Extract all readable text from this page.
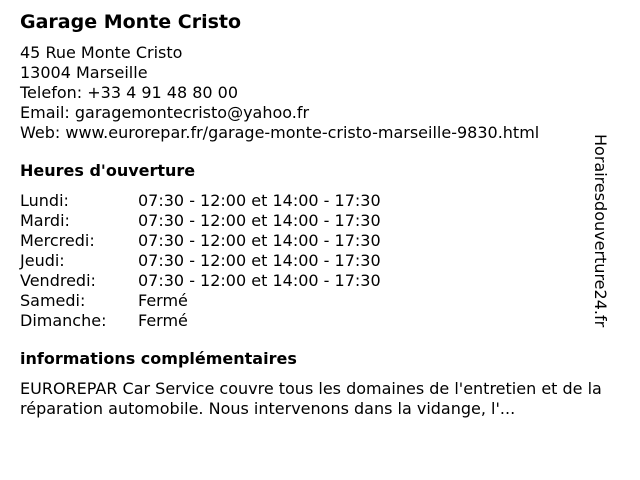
Garage Monte Cristo
45 Rue Monte Cristo
13004 Marseille
Telefon: +33 4 91 48 80 00
Email: garagemontecristo@yahoo.fr
Web: www.eurorepar.fr/garage-monte-cristo-marseille-9830.html
Heures d'ouverture
Lundi:	07:30 - 12:00 et 14:00 - 17:30
Mardi:	07:30 - 12:00 et 14:00 - 17:30
Mercredi:	07:30 - 12:00 et 14:00 - 17:30
Jeudi:	07:30 - 12:00 et 14:00 - 17:30
Vendredi:	07:30 - 12:00 et 14:00 - 17:30
Samedi:	Fermé
Dimanche:	Fermé
informations complémentaires
EUROREPAR Car Service couvre tous les domaines de l'entretien et de la réparation automobile. Nous intervenons dans la vidange, l'...
Horairesdouverture24.fr
